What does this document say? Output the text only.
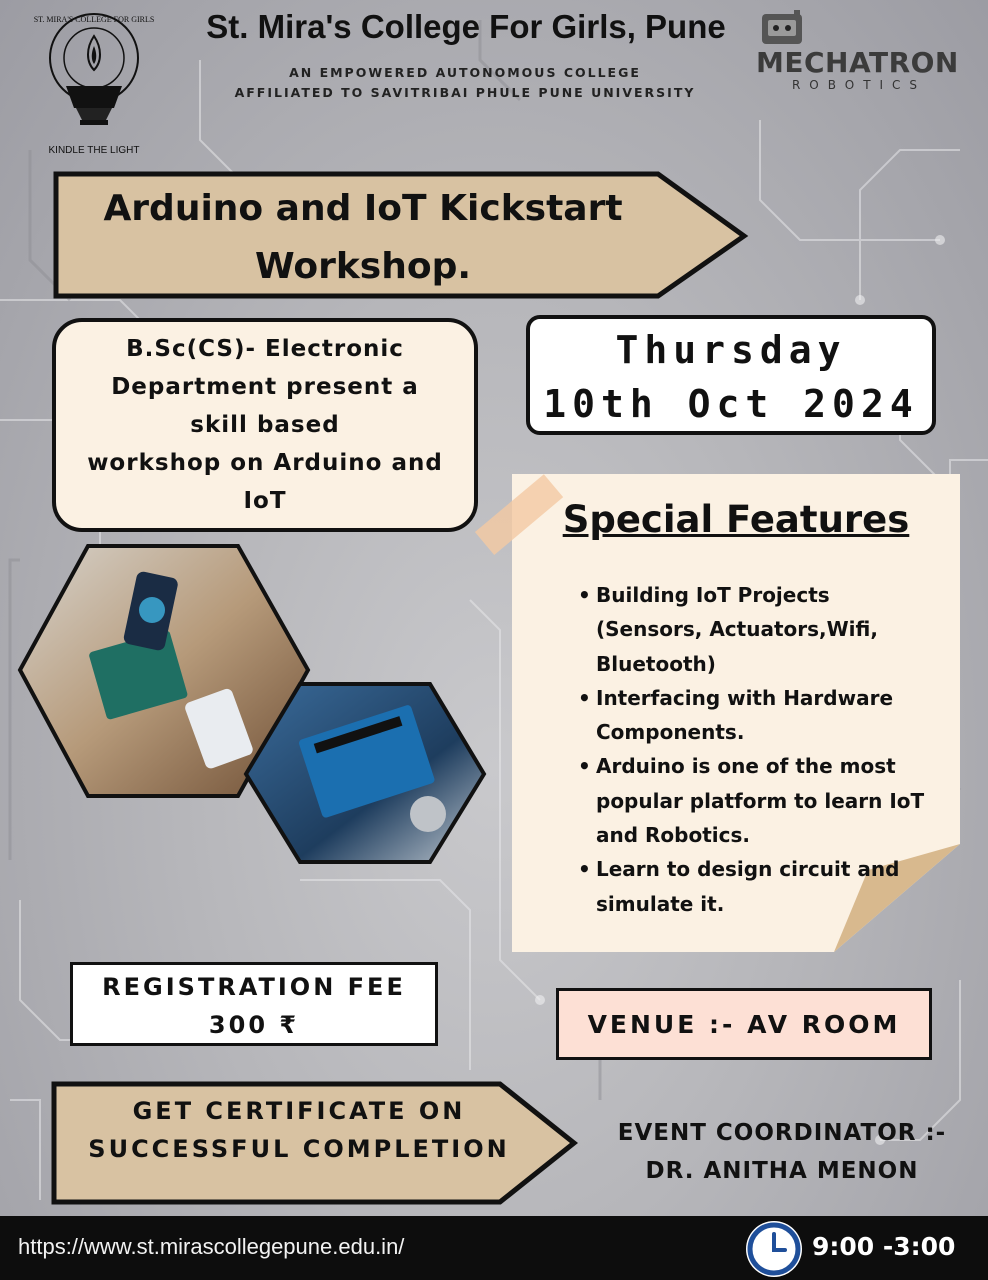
ST. MIRA'S COLLEGE FOR GIRLS
KINDLE THE LIGHT
St. Mira's College For Girls, Pune
AN EMPOWERED AUTONOMOUS COLLEGE
AFFILIATED TO SAVITRIBAI PHULE PUNE UNIVERSITY
MECHATRON
ROBOTICS
Arduino and IoT Kickstart
Workshop.
B.Sc(CS)- Electronic
Department present a
skill based
workshop on Arduino and
IoT
Thursday
10th Oct 2024
Special Features
• Building IoT Projects (Sensors, Actuators,Wifi, Bluetooth)
• Interfacing with Hardware Components.
• Arduino is one of the most popular platform to learn IoT and Robotics.
• Learn to design circuit and simulate it.
REGISTRATION FEE
300 ₹	VENUE :- AV ROOM
GET CERTIFICATE ON
SUCCESSFUL COMPLETION
EVENT COORDINATOR :-
DR. ANITHA MENON
https://www.st.mirascollegepune.edu.in/	9:00 -3:00
